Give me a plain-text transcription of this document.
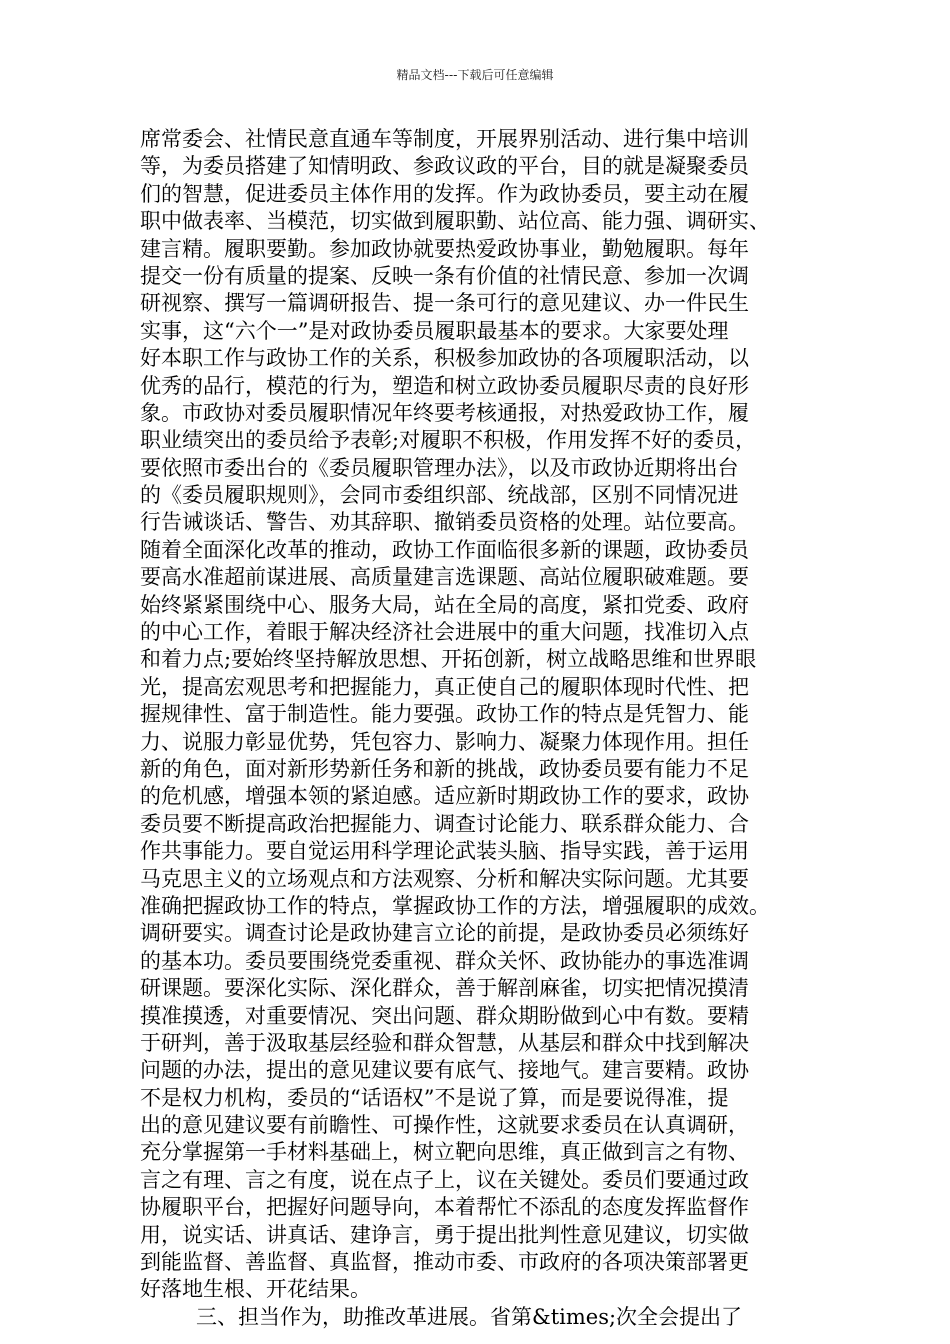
精品文档---下载后可任意编辑
席常委会、社情民意直通车等制度，开展界别活动、进行集中培训
等，为委员搭建了知情明政、参政议政的平台，目的就是凝聚委员
们的智慧，促进委员主体作用的发挥。作为政协委员，要主动在履
职中做表率、当模范，切实做到履职勤、站位高、能力强、调研实、
建言精。履职要勤。参加政协就要热爱政协事业，勤勉履职。每年
提交一份有质量的提案、反映一条有价值的社情民意、参加一次调
研视察、撰写一篇调研报告、提一条可行的意见建议、办一件民生
实事，这“六个一”是对政协委员履职最基本的要求。大家要处理
好本职工作与政协工作的关系，积极参加政协的各项履职活动，以
优秀的品行，模范的行为，塑造和树立政协委员履职尽责的良好形
象。市政协对委员履职情况年终要考核通报，对热爱政协工作，履
职业绩突出的委员给予表彰;对履职不积极，作用发挥不好的委员，
要依照市委出台的《委员履职管理办法》，以及市政协近期将出台
的《委员履职规则》，会同市委组织部、统战部，区别不同情况进
行告诫谈话、警告、劝其辞职、撤销委员资格的处理。站位要高。
随着全面深化改革的推动，政协工作面临很多新的课题，政协委员
要高水准超前谋进展、高质量建言选课题、高站位履职破难题。要
始终紧紧围绕中心、服务大局，站在全局的高度，紧扣党委、政府
的中心工作，着眼于解决经济社会进展中的重大问题，找准切入点
和着力点;要始终坚持解放思想、开拓创新，树立战略思维和世界眼
光，提高宏观思考和把握能力，真正使自己的履职体现时代性、把
握规律性、富于制造性。能力要强。政协工作的特点是凭智力、能
力、说服力彰显优势，凭包容力、影响力、凝聚力体现作用。担任
新的角色，面对新形势新任务和新的挑战，政协委员要有能力不足
的危机感，增强本领的紧迫感。适应新时期政协工作的要求，政协
委员要不断提高政治把握能力、调查讨论能力、联系群众能力、合
作共事能力。要自觉运用科学理论武装头脑、指导实践，善于运用
马克思主义的立场观点和方法观察、分析和解决实际问题。尤其要
准确把握政协工作的特点，掌握政协工作的方法，增强履职的成效。
调研要实。调查讨论是政协建言立论的前提，是政协委员必须练好
的基本功。委员要围绕党委重视、群众关怀、政协能办的事选准调
研课题。要深化实际、深化群众，善于解剖麻雀，切实把情况摸清
摸准摸透，对重要情况、突出问题、群众期盼做到心中有数。要精
于研判，善于汲取基层经验和群众智慧，从基层和群众中找到解决
问题的办法，提出的意见建议要有底气、接地气。建言要精。政协
不是权力机构，委员的“话语权”不是说了算，而是要说得准，提
出的意见建议要有前瞻性、可操作性，这就要求委员在认真调研，
充分掌握第一手材料基础上，树立靶向思维，真正做到言之有物、
言之有理、言之有度，说在点子上，议在关键处。委员们要通过政
协履职平台，把握好问题导向，本着帮忙不添乱的态度发挥监督作
用，说实话、讲真话、建诤言，勇于提出批判性意见建议，切实做
到能监督、善监督、真监督，推动市委、市政府的各项决策部署更
好落地生根、开花结果。
三、担当作为，助推改革进展。省第&times;次全会提出了
